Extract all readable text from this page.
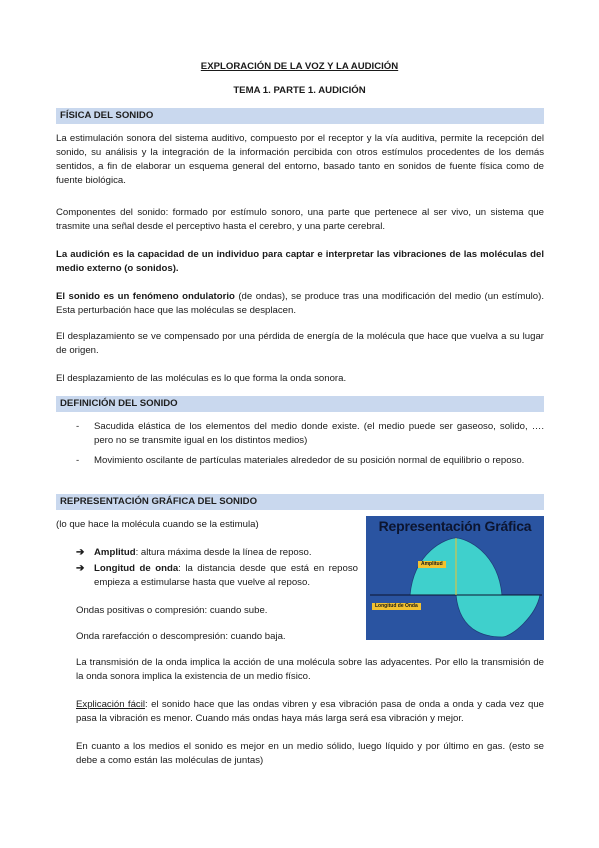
EXPLORACIÓN DE LA VOZ Y LA AUDICIÓN
TEMA 1. PARTE 1. AUDICIÓN
FÍSICA DEL SONIDO
La estimulación sonora del sistema auditivo, compuesto por el receptor y la vía auditiva, permite la recepción del sonido, su análisis y la integración de la información percibida con otros estímulos procedentes de los demás sentidos, a fin de elaborar un esquema general del entorno, basado tanto en sonidos de fuente física como de fuente biológica.
Componentes del sonido: formado por estímulo sonoro, una parte que pertenece al ser vivo, un sistema que trasmite una señal desde el perceptivo hasta el cerebro, y una parte cerebral.
La audición es la capacidad de un individuo para captar e interpretar las vibraciones de las moléculas del medio externo (o sonidos).
El sonido es un fenómeno ondulatorio (de ondas), se produce tras una modificación del medio (un estímulo). Esta perturbación hace que las moléculas se desplacen.
El desplazamiento se ve compensado por una pérdida de energía de la molécula que hace que vuelva a su lugar de origen.
El desplazamiento de las moléculas es lo que forma la onda sonora.
DEFINICIÓN DEL SONIDO
- Sacudida elástica de los elementos del medio donde existe. (el medio puede ser gaseoso, solido, …. pero no se transmite igual en los distintos medios)
- Movimiento oscilante de partículas materiales alrededor de su posición normal de equilibrio o reposo.
REPRESENTACIÓN GRÁFICA DEL SONIDO
(lo que hace la molécula cuando se la estimula)
➔ Amplitud: altura máxima desde la línea de reposo.
➔ Longitud de onda: la distancia desde que está en reposo empieza a estimularse hasta que vuelve al reposo.
Ondas positivas o compresión: cuando sube.
Onda rarefacción o descompresión: cuando baja.
La transmisión de la onda implica la acción de una molécula sobre las adyacentes. Por ello la transmisión de la onda sonora implica la existencia de un medio físico.
Explicación fácil: el sonido hace que las ondas vibren y esa vibración pasa de onda a onda y cada vez que pasa la vibración es menor. Cuando más ondas haya más larga será esa vibración y mejor.
En cuanto a los medios el sonido es mejor en un medio sólido, luego líquido y por último en gas. (esto se debe a como están las moléculas de juntas)
Representación Gráfica
Amplitud
Longitud de Onda
